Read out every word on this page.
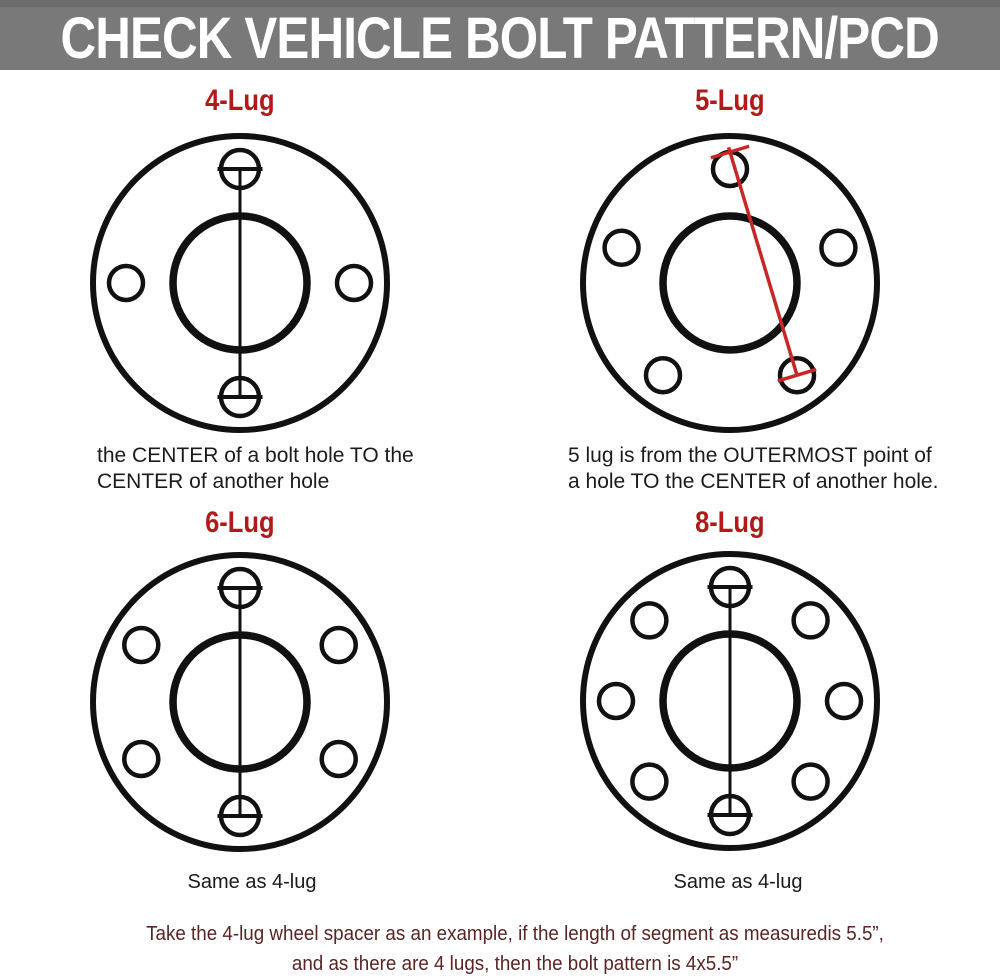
CHECK VEHICLE BOLT PATTERN/PCD
4-Lug	5-Lug
the CENTER of a bolt hole TO the
CENTER of another hole
5 lug is from the OUTERMOST point of
a hole TO the CENTER of another hole.
6-Lug	8-Lug
Same as 4-lug	Same as 4-lug
Take the 4-lug wheel spacer as an example, if the length of segment as measuredis 5.5”,
and as there are 4 lugs, then the bolt pattern is 4x5.5”
